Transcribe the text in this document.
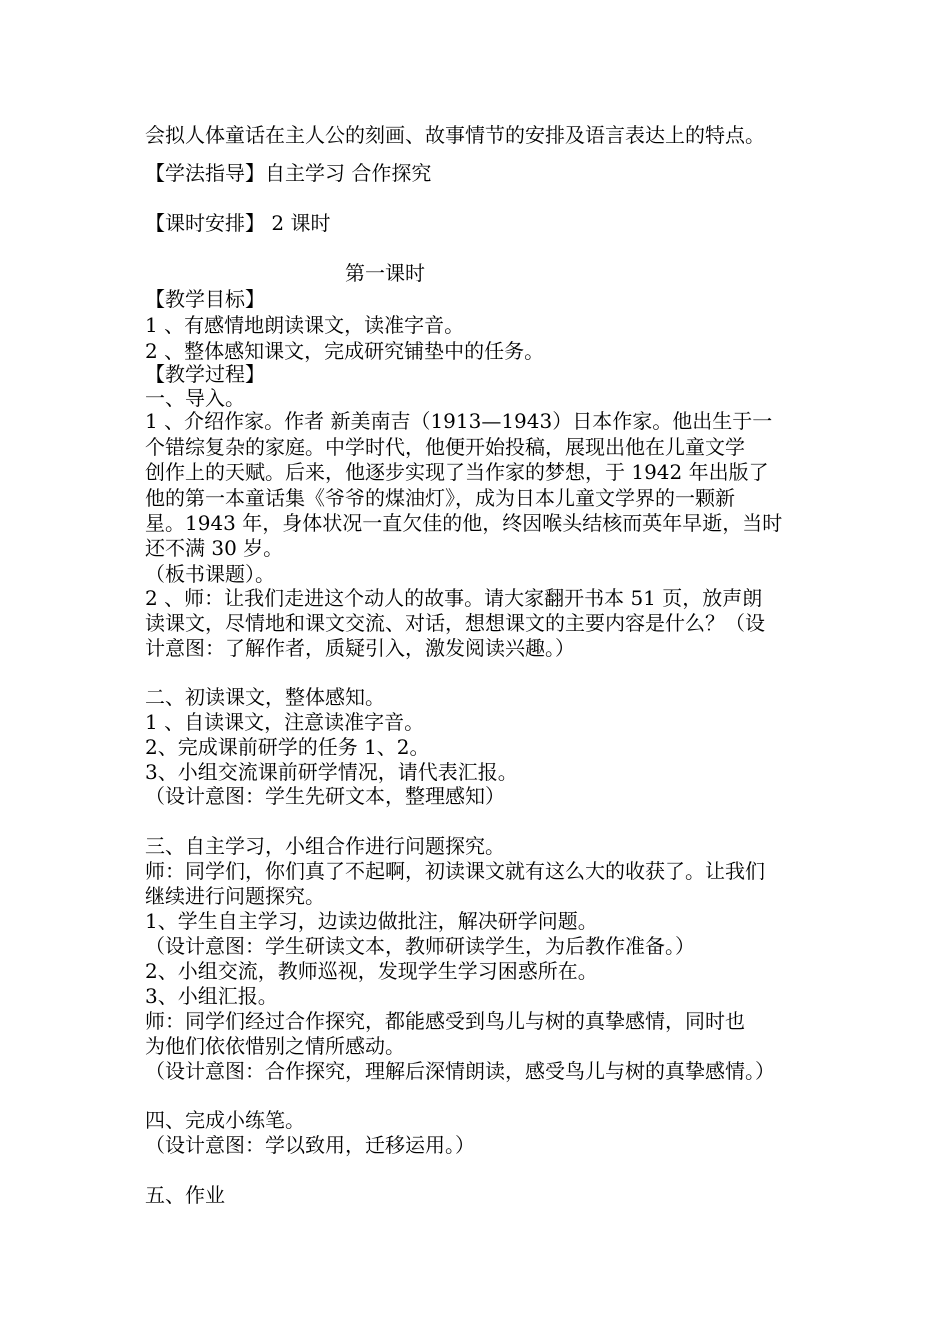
会拟人体童话在主人公的刻画、故事情节的安排及语言表达上的特点。
【学法指导】自主学习 合作探究
【课时安排】 2 课时
第一课时
【教学目标】
1 、有感情地朗读课文，读准字音。
2 、整体感知课文，完成研究铺垫中的任务。
【教学过程】
一、导入。
1 、介绍作家。作者 新美南吉（1913—1943）日本作家。他出生于一
个错综复杂的家庭。中学时代，他便开始投稿，展现出他在儿童文学
创作上的天赋。后来，他逐步实现了当作家的梦想，于 1942 年出版了
他的第一本童话集《爷爷的煤油灯》，成为日本儿童文学界的一颗新
星。1943 年，身体状况一直欠佳的他，终因喉头结核而英年早逝，当时
还不满 30 岁。
（板书课题）。
2 、师：让我们走进这个动人的故事。请大家翻开书本 51 页，放声朗
读课文，尽情地和课文交流、对话，想想课文的主要内容是什么？（设
计意图：了解作者，质疑引入，激发阅读兴趣。）
二、初读课文，整体感知。
1 、自读课文，注意读准字音。
2、完成课前研学的任务 1、2。
3、小组交流课前研学情况，请代表汇报。
（设计意图：学生先研文本，整理感知）
三、自主学习，小组合作进行问题探究。
师：同学们，你们真了不起啊，初读课文就有这么大的收获了。让我们
继续进行问题探究。
1、学生自主学习，边读边做批注，解决研学问题。
（设计意图：学生研读文本，教师研读学生，为后教作准备。）
2、小组交流，教师巡视，发现学生学习困惑所在。
3、小组汇报。
师：同学们经过合作探究，都能感受到鸟儿与树的真挚感情，同时也
为他们依依惜别之情所感动。
（设计意图：合作探究，理解后深情朗读，感受鸟儿与树的真挚感情。）
四、完成小练笔。
（设计意图：学以致用，迁移运用。）
五、作业
